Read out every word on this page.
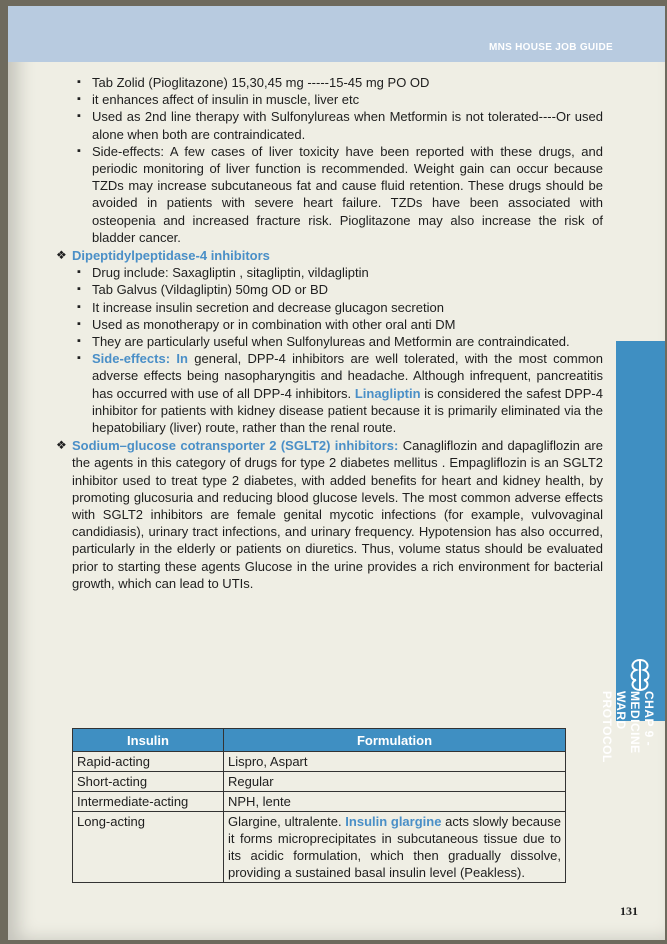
MNS HOUSE JOB GUIDE
CHAP 9 - MEDICINE WARD PROTOCOL
▪ Tab Zolid (Pioglitazone) 15,30,45 mg -----15-45 mg PO OD
▪ it enhances affect of insulin in muscle, liver etc
▪ Used as 2nd line therapy with Sulfonylureas when Metformin is not tolerated----Or used alone when both are contraindicated.
▪ Side-effects: A few cases of liver toxicity have been reported with these drugs, and periodic monitoring of liver function is recommended. Weight gain can occur because TZDs may increase subcutaneous fat and cause fluid retention. These drugs should be avoided in patients with severe heart failure. TZDs have been associated with osteopenia and increased fracture risk. Pioglitazone may also increase the risk of bladder cancer.
❖ Dipeptidylpeptidase-4 inhibitors
▪ Drug include: Saxagliptin , sitagliptin, vildagliptin
▪ Tab Galvus (Vildagliptin) 50mg OD or BD
▪ It increase insulin secretion and decrease glucagon secretion
▪ Used as monotherapy or in combination with other oral anti DM
▪ They are particularly useful when Sulfonylureas and Metformin are contraindicated.
▪ Side-effects: In general, DPP-4 inhibitors are well tolerated, with the most common adverse effects being nasopharyngitis and headache. Although infrequent, pancreatitis has occurred with use of all DPP-4 inhibitors. Linagliptin is considered the safest DPP-4 inhibitor for patients with kidney disease patient because it is primarily eliminated via the hepatobiliary (liver) route, rather than the renal route.
❖ Sodium–glucose cotransporter 2 (SGLT2) inhibitors: Canagliflozin and dapagliflozin are the agents in this category of drugs for type 2 diabetes mellitus . Empagliflozin is an SGLT2 inhibitor used to treat type 2 diabetes, with added benefits for heart and kidney health, by promoting glucosuria and reducing blood glucose levels. The most common adverse effects with SGLT2 inhibitors are female genital mycotic infections (for example, vulvovaginal candidiasis), urinary tract infections, and urinary frequency. Hypotension has also occurred, particularly in the elderly or patients on diuretics. Thus, volume status should be evaluated prior to starting these agents Glucose in the urine provides a rich environment for bacterial growth, which can lead to UTIs.
Insulin	Formulation
Rapid-acting	Lispro, Aspart
Short-acting	Regular
Intermediate-acting	NPH, lente
Long-acting	Glargine, ultralente. Insulin glargine acts slowly because it forms microprecipitates in subcutaneous tissue due to its acidic formulation, which then gradually dissolve, providing a sustained basal insulin level (Peakless).
131
